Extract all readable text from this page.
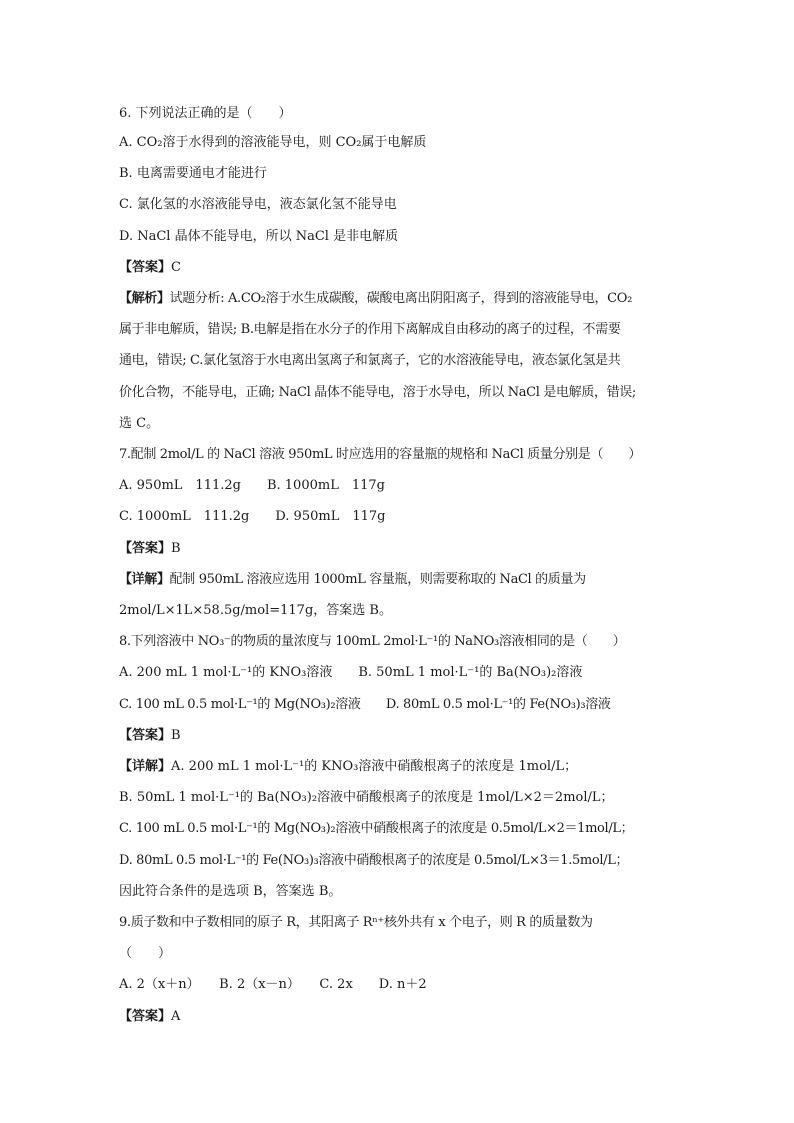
6. 下列说法正确的是（　　）
A. CO₂溶于水得到的溶液能导电，则 CO₂属于电解质
B. 电离需要通电才能进行
C. 氯化氢的水溶液能导电，液态氯化氢不能导电
D. NaCl 晶体不能导电，所以 NaCl 是非电解质
【答案】C
【解析】试题分析: A.CO₂溶于水生成碳酸，碳酸电离出阴阳离子，得到的溶液能导电，CO₂
属于非电解质，错误; B.电解是指在水分子的作用下离解成自由移动的离子的过程，不需要
通电，错误; C.氯化氢溶于水电离出氢离子和氯离子，它的水溶液能导电，液态氯化氢是共
价化合物，不能导电，正确; NaCl 晶体不能导电，溶于水导电，所以 NaCl 是电解质，错误;
选 C。
7.配制 2mol/L 的 NaCl 溶液 950mL 时应选用的容量瓶的规格和 NaCl 质量分别是（　　）
A. 950mL　111.2g　　B. 1000mL　117g
C. 1000mL　111.2g　　D. 950mL　117g
【答案】B
【详解】配制 950mL 溶液应选用 1000mL 容量瓶，则需要称取的 NaCl 的质量为
2mol/L×1L×58.5g/mol=117g，答案选 B。
8.下列溶液中 NO₃⁻的物质的量浓度与 100mL 2mol·L⁻¹的 NaNO₃溶液相同的是（　　）
A. 200 mL 1 mol·L⁻¹的 KNO₃溶液　　B. 50mL 1 mol·L⁻¹的 Ba(NO₃)₂溶液
C. 100 mL 0.5 mol·L⁻¹的 Mg(NO₃)₂溶液　　D. 80mL 0.5 mol·L⁻¹的 Fe(NO₃)₃溶液
【答案】B
【详解】A. 200 mL 1 mol·L⁻¹的 KNO₃溶液中硝酸根离子的浓度是 1mol/L；
B. 50mL 1 mol·L⁻¹的 Ba(NO₃)₂溶液中硝酸根离子的浓度是 1mol/L×2＝2mol/L；
C. 100 mL 0.5 mol·L⁻¹的 Mg(NO₃)₂溶液中硝酸根离子的浓度是 0.5mol/L×2＝1mol/L；
D. 80mL 0.5 mol·L⁻¹的 Fe(NO₃)₃溶液中硝酸根离子的浓度是 0.5mol/L×3＝1.5mol/L；
因此符合条件的是选项 B，答案选 B。
9.质子数和中子数相同的原子 R，其阳离子 Rⁿ⁺核外共有 x 个电子，则 R 的质量数为
（　　）
A. 2（x＋n）　　B. 2（x－n）　　C. 2x　　D. n＋2
【答案】A
